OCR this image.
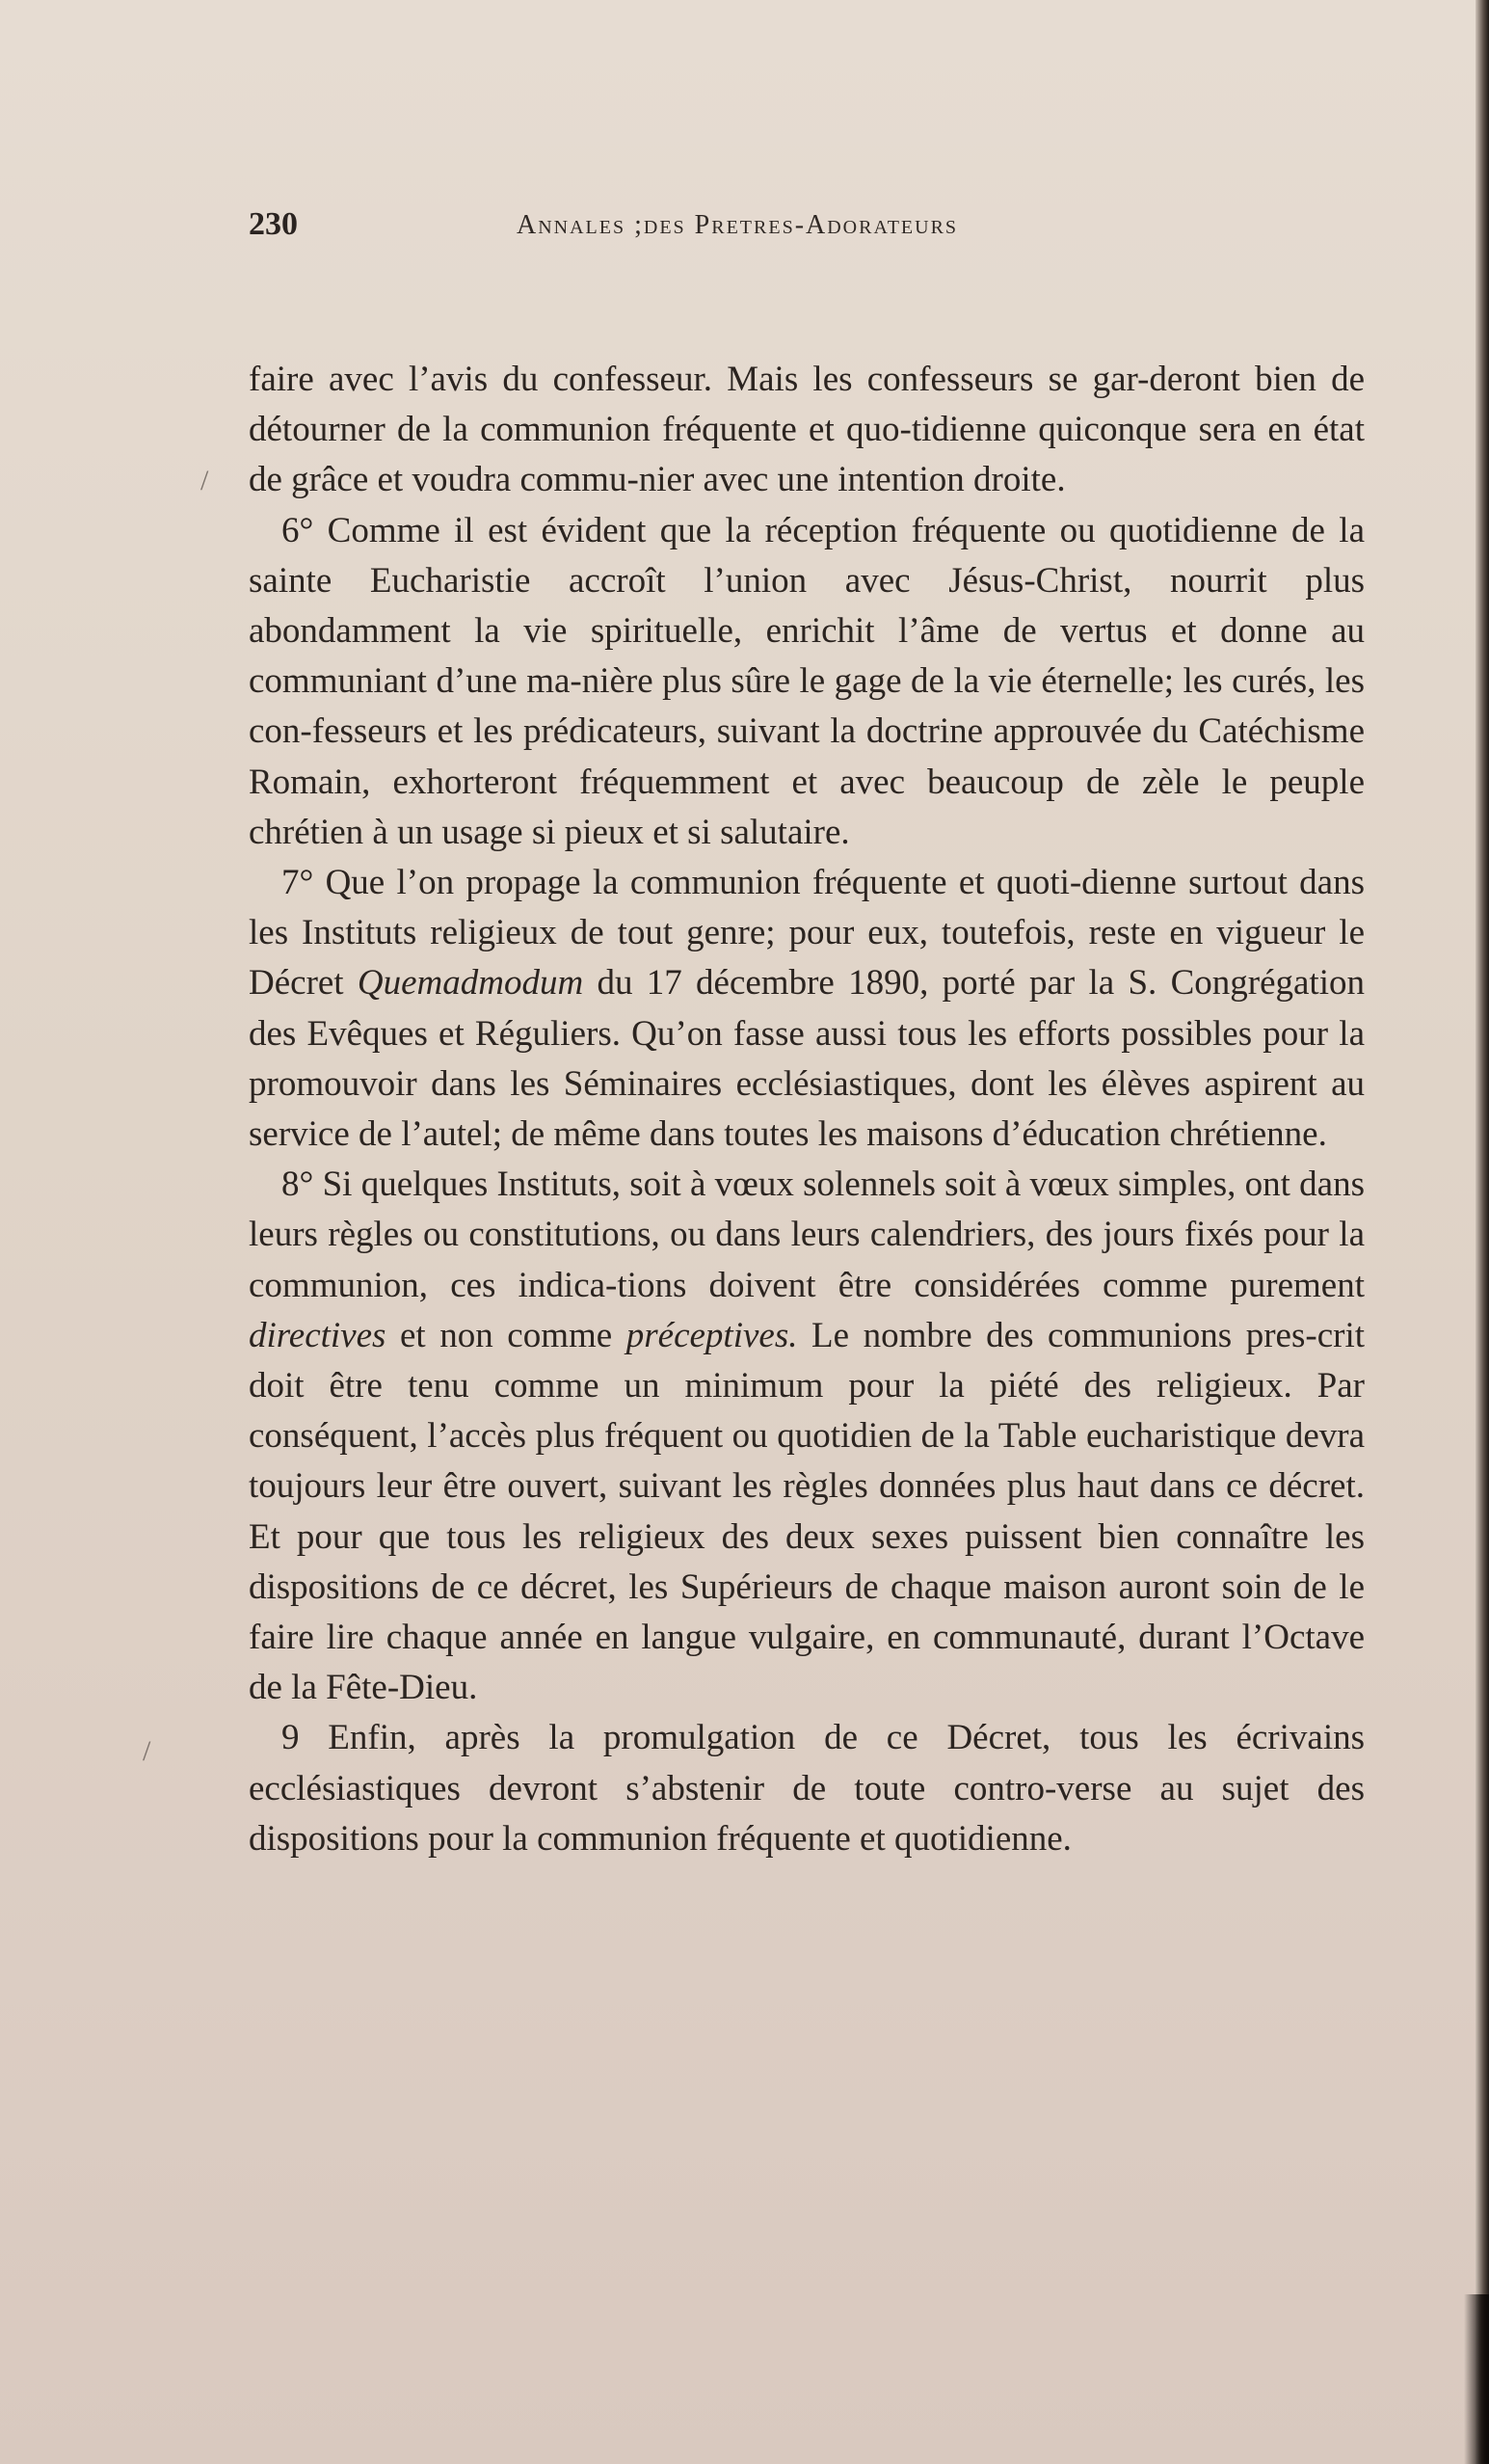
230	Annales ;des Pretres-Adorateurs
/
/

faire avec l’avis du confesseur. Mais les confesseurs se gar-deront bien de détourner de la communion fréquente et quo-tidienne quiconque sera en état de grâce et voudra commu-nier avec une intention droite.

6° Comme il est évident que la réception fréquente ou quotidienne de la sainte Eucharistie accroît l’union avec Jésus-Christ, nourrit plus abondamment la vie spirituelle, enrichit l’âme de vertus et donne au communiant d’une ma-nière plus sûre le gage de la vie éternelle; les curés, les con-fesseurs et les prédicateurs, suivant la doctrine approuvée du Catéchisme Romain, exhorteront fréquemment et avec beaucoup de zèle le peuple chrétien à un usage si pieux et si salutaire.

7° Que l’on propage la communion fréquente et quoti-dienne surtout dans les Instituts religieux de tout genre; pour eux, toutefois, reste en vigueur le Décret Quemadmodum du 17 décembre 1890, porté par la S. Congrégation des Evêques et Réguliers. Qu’on fasse aussi tous les efforts possibles pour la promouvoir dans les Séminaires ecclésiastiques, dont les élèves aspirent au service de l’autel; de même dans toutes les maisons d’éducation chrétienne.

8° Si quelques Instituts, soit à vœux solennels soit à vœux simples, ont dans leurs règles ou constitutions, ou dans leurs calendriers, des jours fixés pour la communion, ces indica-tions doivent être considérées comme purement directives et non comme préceptives. Le nombre des communions pres-crit doit être tenu comme un minimum pour la piété des religieux. Par conséquent, l’accès plus fréquent ou quotidien de la Table eucharistique devra toujours leur être ouvert, suivant les règles données plus haut dans ce décret. Et pour que tous les religieux des deux sexes puissent bien connaître les dispositions de ce décret, les Supérieurs de chaque maison auront soin de le faire lire chaque année en langue vulgaire, en communauté, durant l’Octave de la Fête-Dieu.

9 Enfin, après la promulgation de ce Décret, tous les écrivains ecclésiastiques devront s’abstenir de toute contro-verse au sujet des dispositions pour la communion fréquente et quotidienne.
